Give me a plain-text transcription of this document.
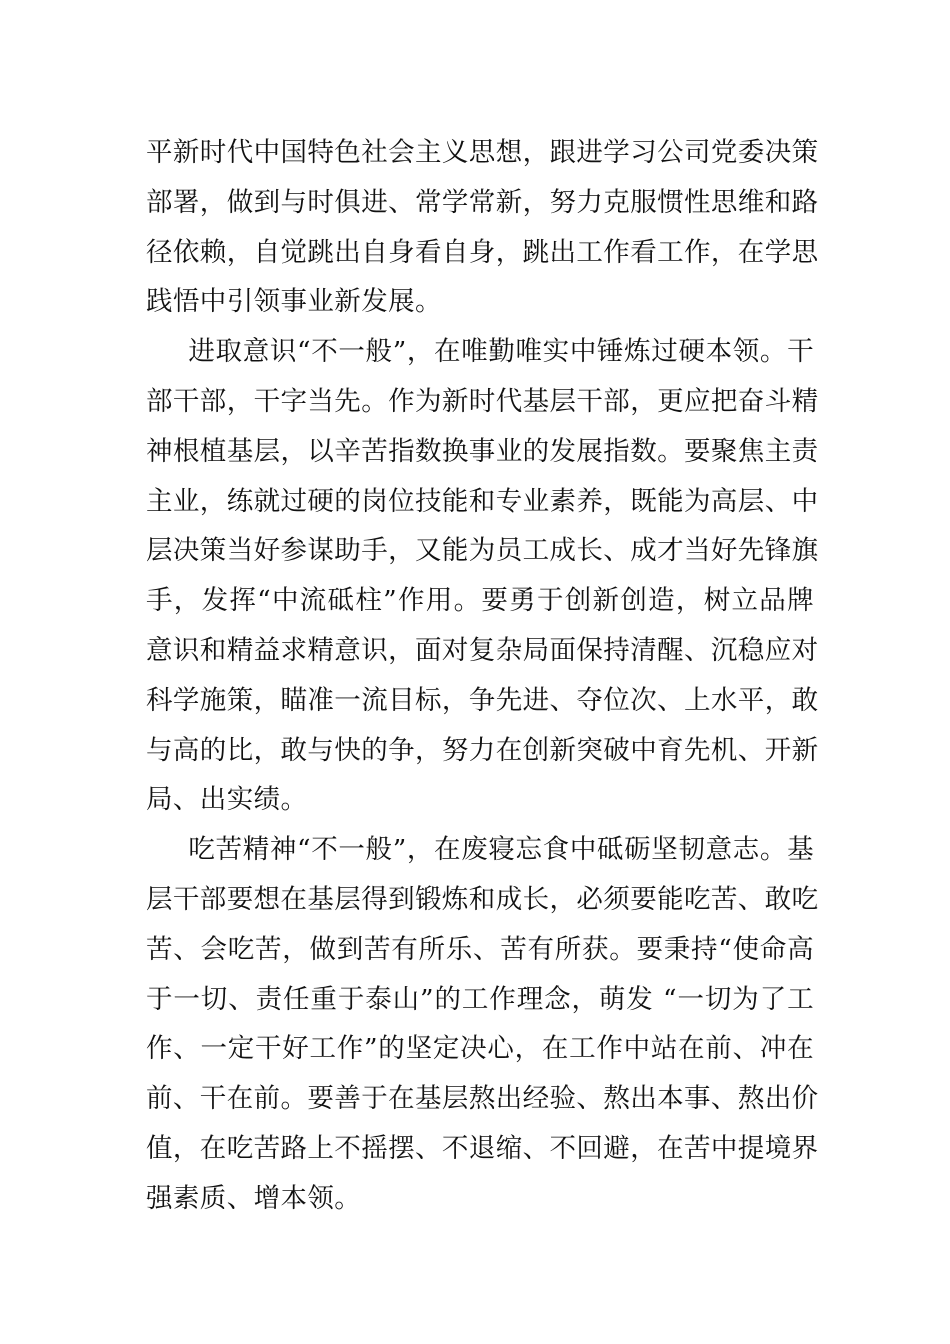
平新时代中国特色社会主义思想，跟进学习公司党委决策
部署，做到与时俱进、常学常新，努力克服惯性思维和路
径依赖，自觉跳出自身看自身，跳出工作看工作，在学思
践悟中引领事业新发展。
进取意识“不一般”，在唯勤唯实中锤炼过硬本领。干
部干部，干字当先。作为新时代基层干部，更应把奋斗精
神根植基层，以辛苦指数换事业的发展指数。要聚焦主责
主业，练就过硬的岗位技能和专业素养，既能为高层、中
层决策当好参谋助手，又能为员工成长、成才当好先锋旗
手，发挥“中流砥柱”作用。要勇于创新创造，树立品牌
意识和精益求精意识，面对复杂局面保持清醒、沉稳应对
科学施策，瞄准一流目标，争先进、夺位次、上水平，敢
与高的比，敢与快的争，努力在创新突破中育先机、开新
局、出实绩。
吃苦精神“不一般”，在废寝忘食中砥砺坚韧意志。基
层干部要想在基层得到锻炼和成长，必须要能吃苦、敢吃
苦、会吃苦，做到苦有所乐、苦有所获。要秉持“使命高
于一切、责任重于泰山”的工作理念，萌发 “一切为了工
作、一定干好工作”的坚定决心，在工作中站在前、冲在
前、干在前。要善于在基层熬出经验、熬出本事、熬出价
值，在吃苦路上不摇摆、不退缩、不回避，在苦中提境界
强素质、增本领。
